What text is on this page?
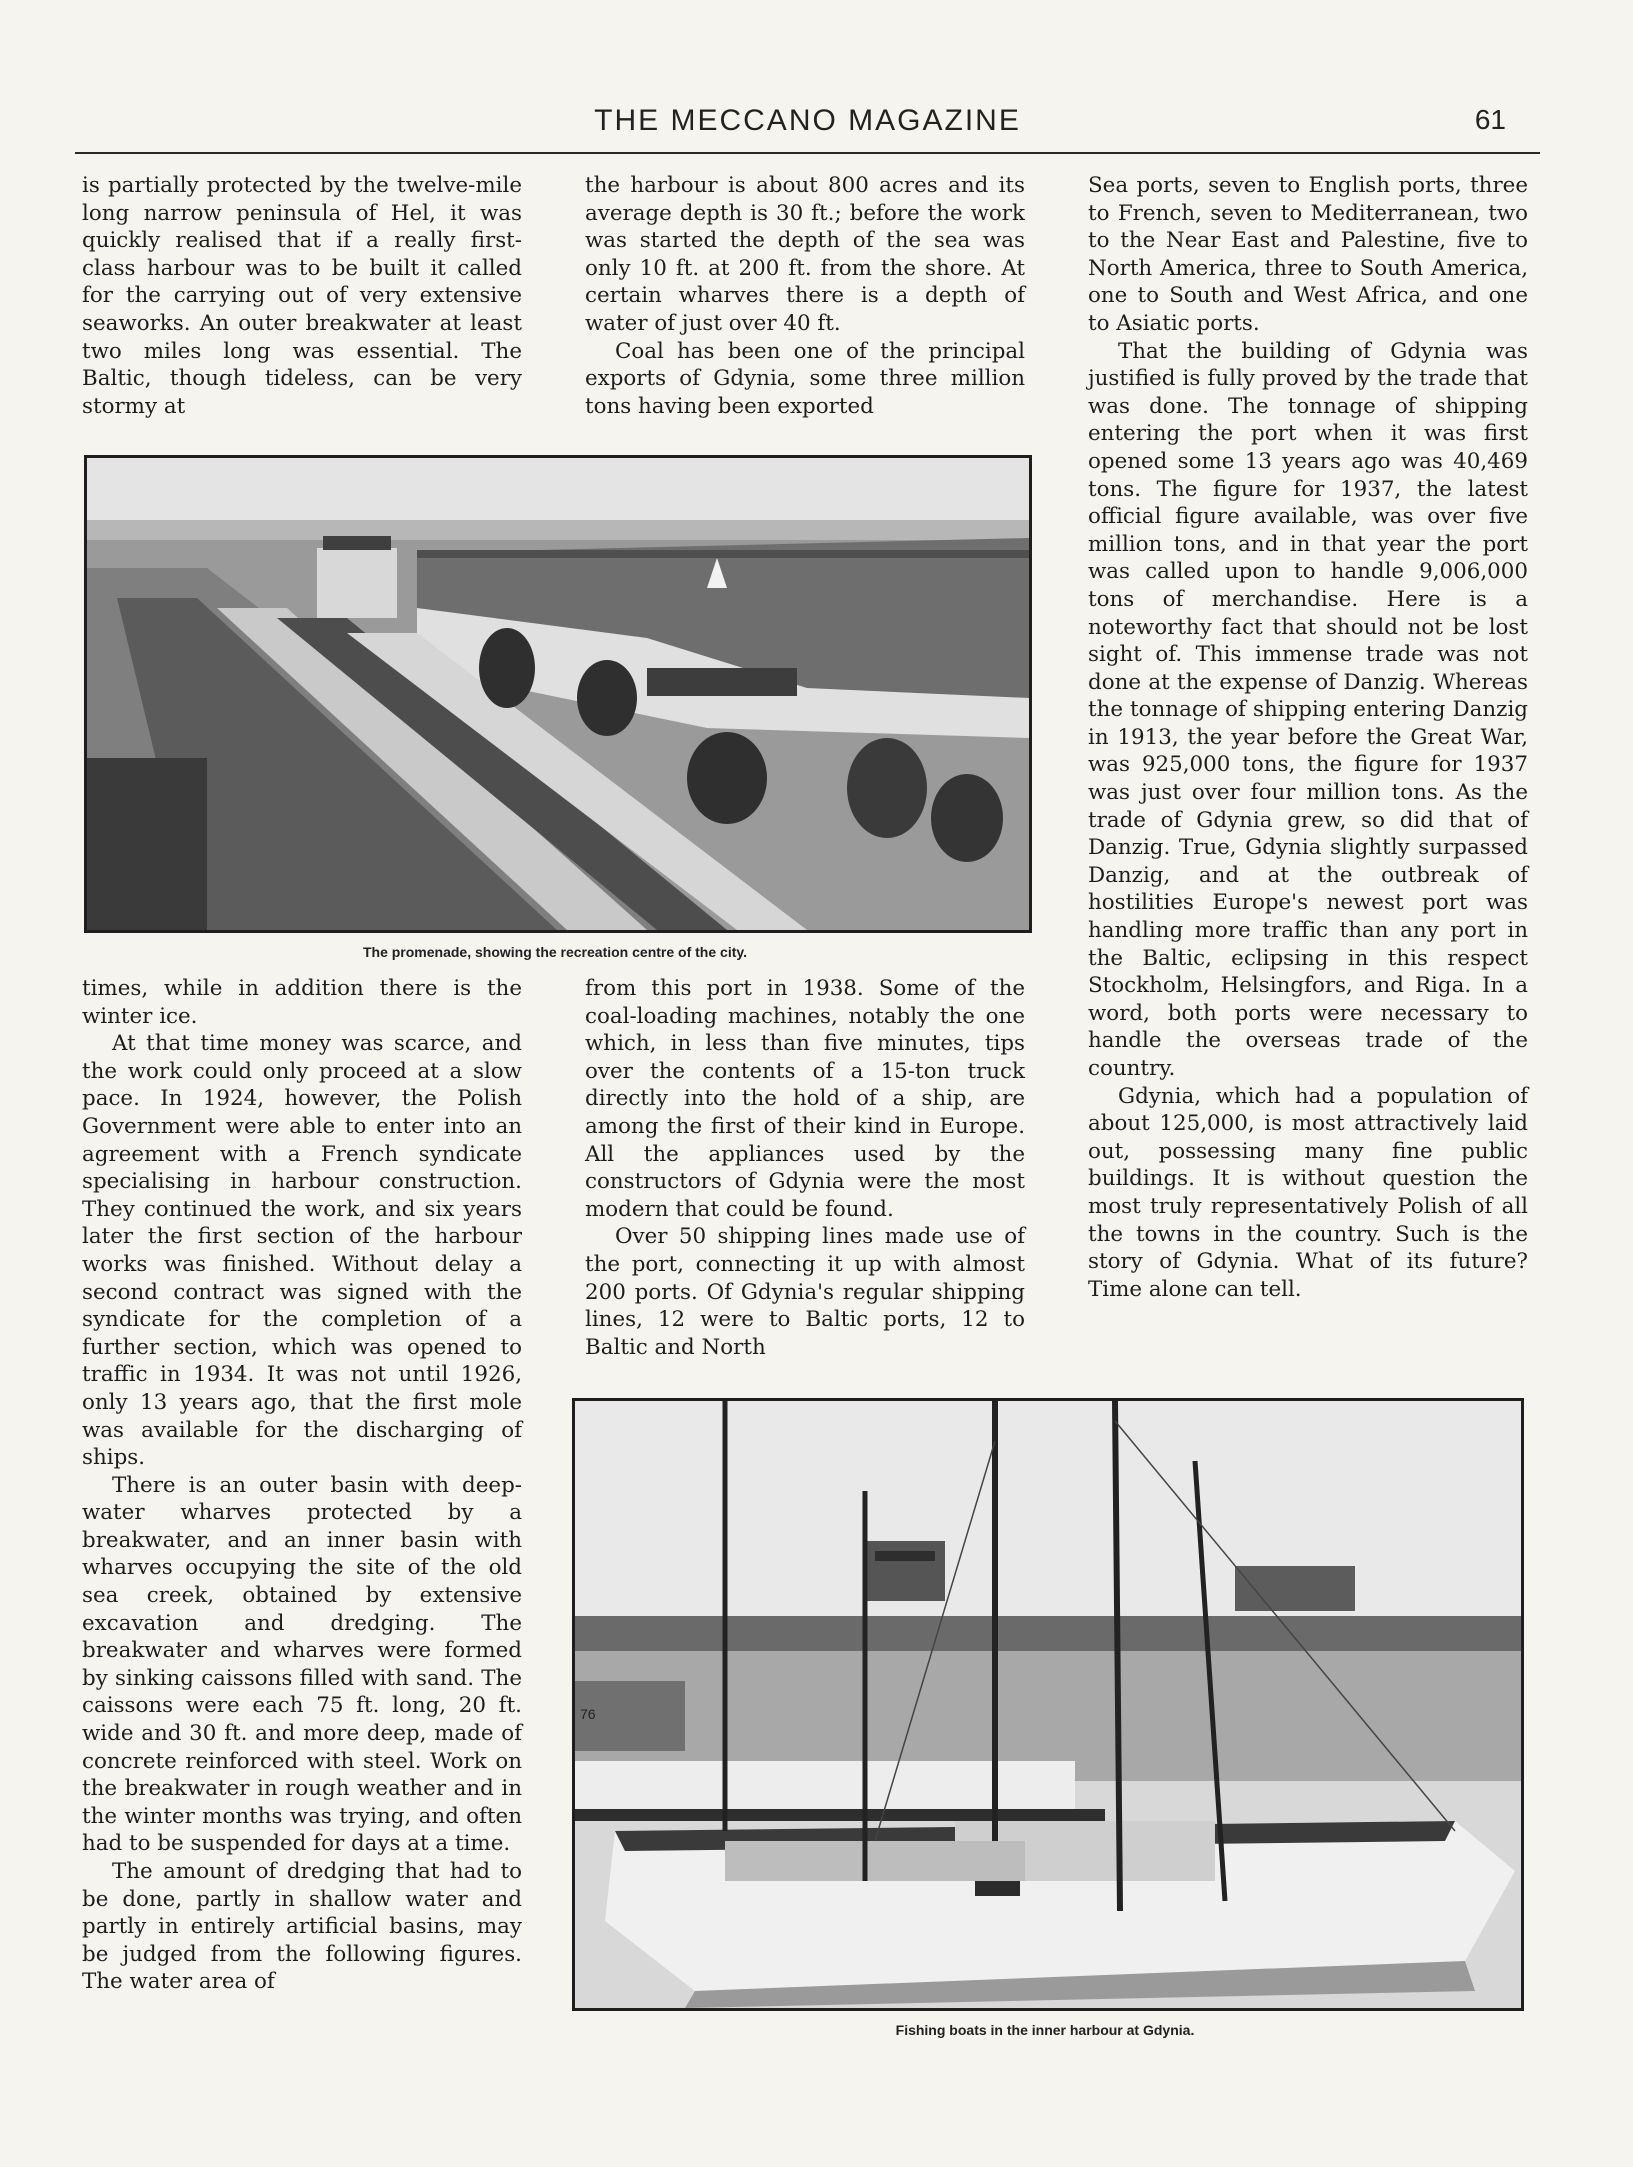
THE MECCANO MAGAZINE	61

is partially protected by the twelve-mile long narrow peninsula of Hel, it was quickly realised that if a really first-class harbour was to be built it called for the carrying out of very extensive seaworks. An outer breakwater at least two miles long was essential. The Baltic, though tideless, can be very stormy at

the harbour is about 800 acres and its average depth is 30 ft.; before the work was started the depth of the sea was only 10 ft. at 200 ft. from the shore. At certain wharves there is a depth of water of just over 40 ft.

Coal has been one of the principal exports of Gdynia, some three million tons having been exported

Sea ports, seven to English ports, three to French, seven to Mediterranean, two to the Near East and Palestine, five to North America, three to South America, one to South and West Africa, and one to Asiatic ports.

That the building of Gdynia was justified is fully proved by the trade that was done. The tonnage of shipping entering the port when it was first opened some 13 years ago was 40,469 tons. The figure for 1937, the latest official figure available, was over five million tons, and in that year the port was called upon to handle 9,006,000 tons of merchandise. Here is a noteworthy fact that should not be lost sight of. This immense trade was not done at the expense of Danzig. Whereas the tonnage of shipping entering Danzig in 1913, the year before the Great War, was 925,000 tons, the figure for 1937 was just over four million tons. As the trade of Gdynia grew, so did that of Danzig. True, Gdynia slightly surpassed Danzig, and at the outbreak of hostilities Europe's newest port was handling more traffic than any port in the Baltic, eclipsing in this respect Stockholm, Helsingfors, and Riga. In a word, both ports were necessary to handle the overseas trade of the country.

Gdynia, which had a population of about 125,000, is most attractively laid out, possessing many fine public buildings. It is without question the most truly representatively Polish of all the towns in the country. Such is the story of Gdynia. What of its future? Time alone can tell.

The promenade, showing the recreation centre of the city.

times, while in addition there is the winter ice.

At that time money was scarce, and the work could only proceed at a slow pace. In 1924, however, the Polish Government were able to enter into an agreement with a French syndicate specialising in harbour construction. They continued the work, and six years later the first section of the harbour works was finished. Without delay a second contract was signed with the syndicate for the completion of a further section, which was opened to traffic in 1934. It was not until 1926, only 13 years ago, that the first mole was available for the discharging of ships.

There is an outer basin with deep-water wharves protected by a breakwater, and an inner basin with wharves occupying the site of the old sea creek, obtained by extensive excavation and dredging. The breakwater and wharves were formed by sinking caissons filled with sand. The caissons were each 75 ft. long, 20 ft. wide and 30 ft. and more deep, made of concrete reinforced with steel. Work on the breakwater in rough weather and in the winter months was trying, and often had to be suspended for days at a time.

The amount of dredging that had to be done, partly in shallow water and partly in entirely artificial basins, may be judged from the following figures. The water area of

from this port in 1938. Some of the coal-loading machines, notably the one which, in less than five minutes, tips over the contents of a 15-ton truck directly into the hold of a ship, are among the first of their kind in Europe. All the appliances used by the constructors of Gdynia were the most modern that could be found.

Over 50 shipping lines made use of the port, connecting it up with almost 200 ports. Of Gdynia's regular shipping lines, 12 were to Baltic ports, 12 to Baltic and North

76
Fishing boats in the inner harbour at Gdynia.
